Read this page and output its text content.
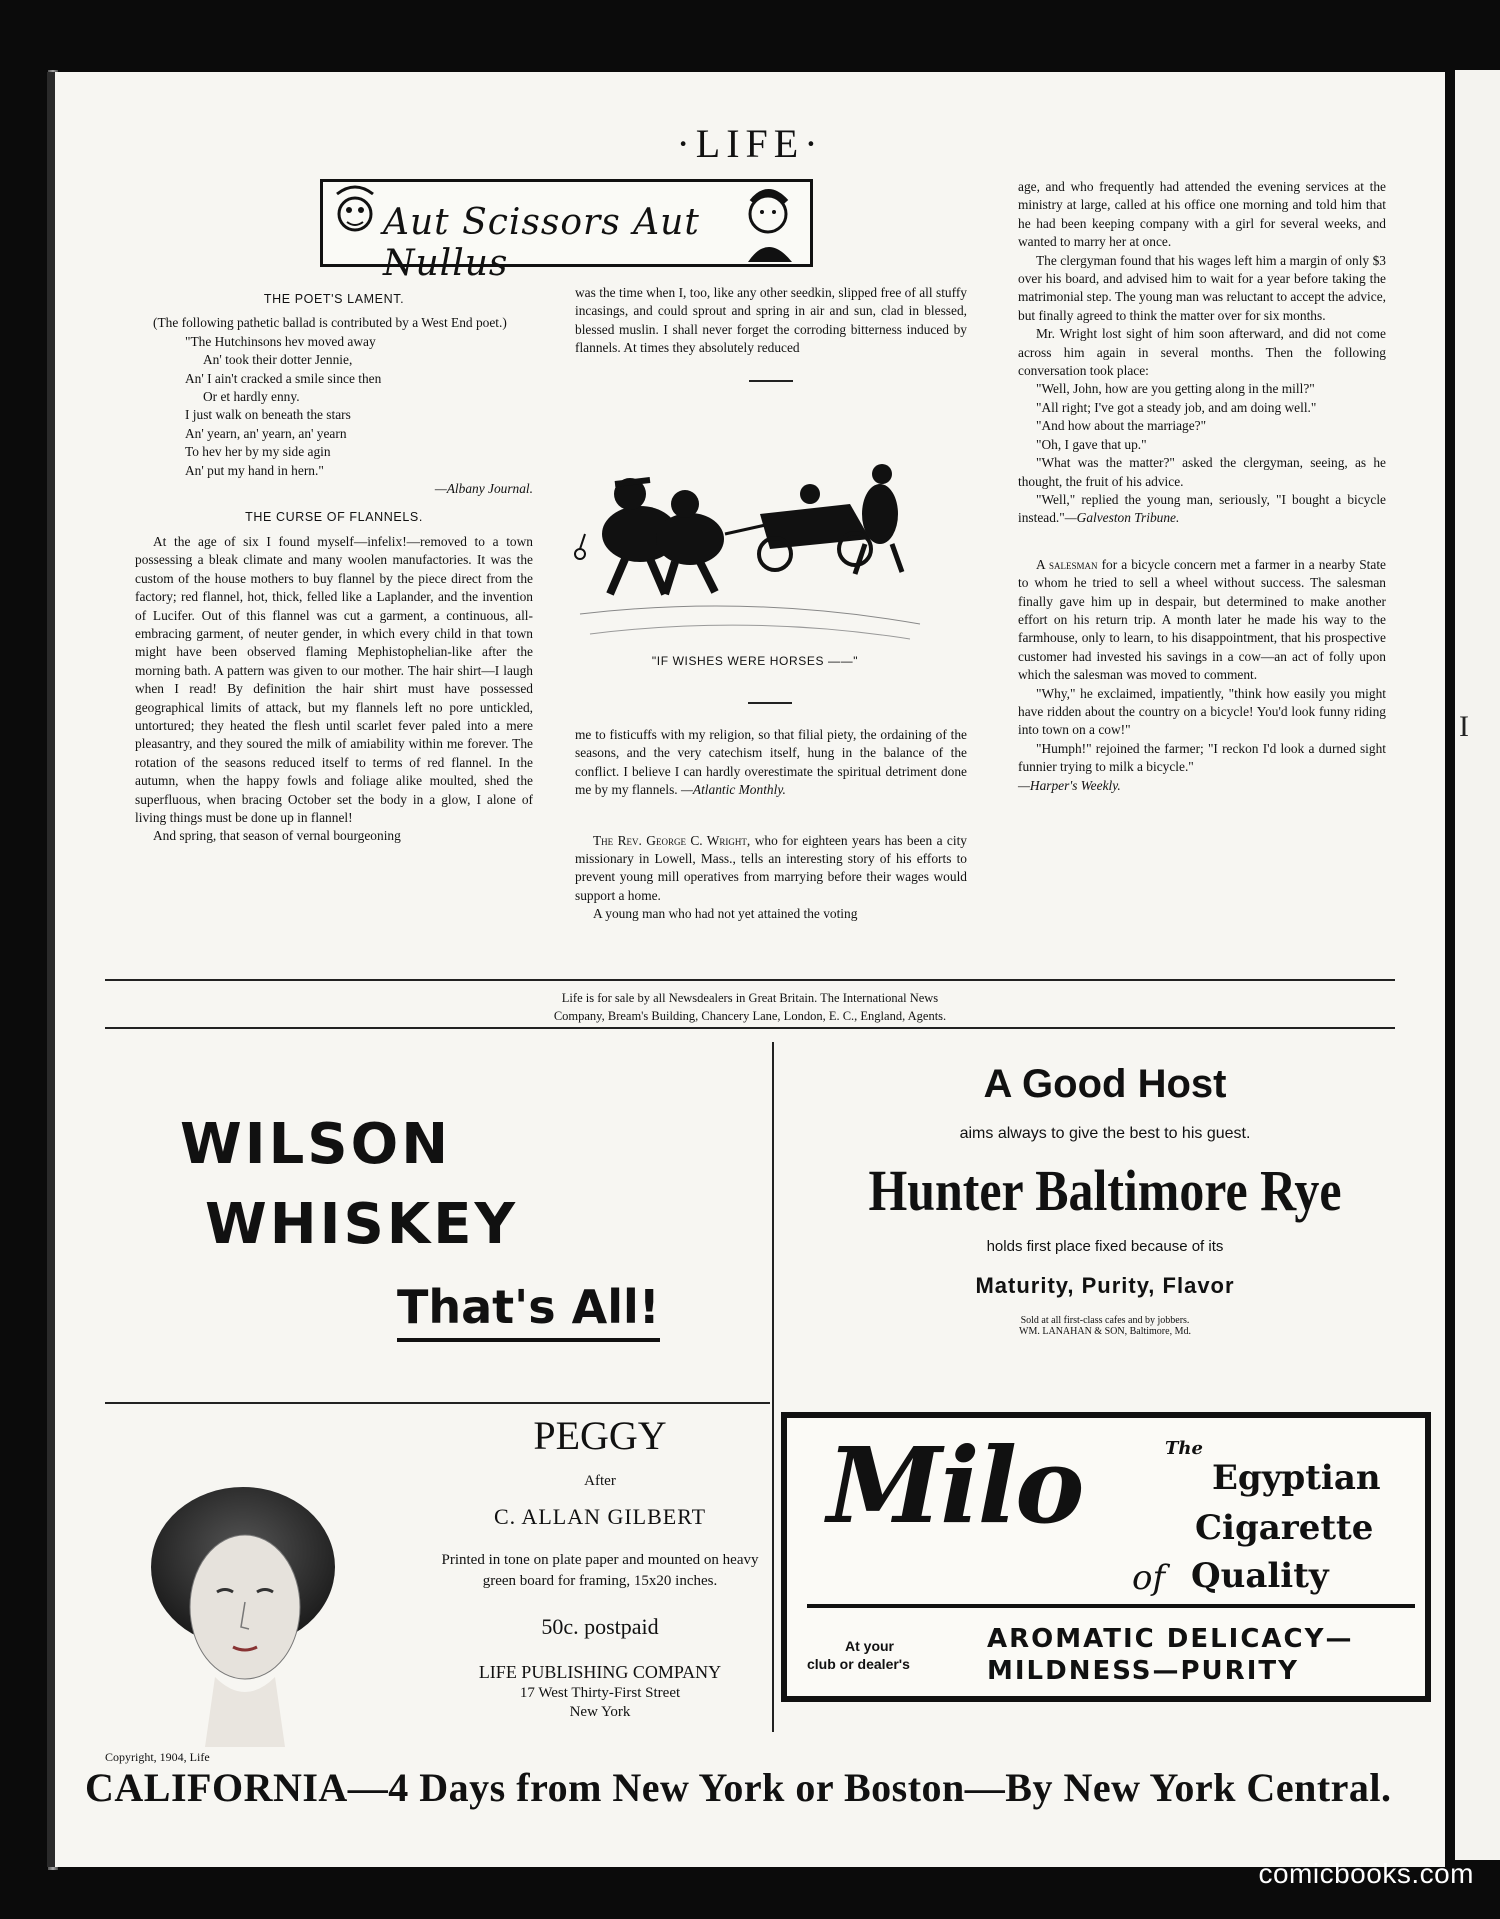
I
·LIFE·
Aut Scissors Aut Nullus
THE POET'S LAMENT.

(The following pathetic ballad is contributed by a West End poet.)

"The Hutchinsons hev moved away
An' took their dotter Jennie,
An' I ain't cracked a smile since then
Or et hardly enny.
I just walk on beneath the stars
An' yearn, an' yearn, an' yearn
To hev her by my side agin
An' put my hand in hern."
—Albany Journal.
THE CURSE OF FLANNELS.

At the age of six I found myself—infelix!—removed to a town possessing a bleak climate and many woolen manufactories. It was the custom of the house mothers to buy flannel by the piece direct from the factory; red flannel, hot, thick, felled like a Laplander, and the invention of Lucifer. Out of this flannel was cut a garment, a continuous, all-embracing garment, of neuter gender, in which every child in that town might have been observed flaming Mephistophelian-like after the morning bath. A pattern was given to our mother. The hair shirt—I laugh when I read! By definition the hair shirt must have possessed geographical limits of attack, but my flannels left no pore untickled, untortured; they heated the flesh until scarlet fever paled into a mere pleasantry, and they soured the milk of amiability within me forever. The rotation of the seasons reduced itself to terms of red flannel. In the autumn, when the happy fowls and foliage alike moulted, shed the superfluous, when bracing October set the body in a glow, I alone of living things must be done up in flannel!

And spring, that season of vernal bourgeoning

was the time when I, too, like any other seedkin, slipped free of all stuffy incasings, and could sprout and spring in air and sun, clad in blessed, blessed muslin. I shall never forget the corroding bitterness induced by flannels. At times they absolutely reduced

"IF WISHES WERE HORSES ——"

me to fisticuffs with my religion, so that filial piety, the ordaining of the seasons, and the very catechism itself, hung in the balance of the conflict. I believe I can hardly overestimate the spiritual detriment done me by my flannels. —Atlantic Monthly.

The Rev. George C. Wright, who for eighteen years has been a city missionary in Lowell, Mass., tells an interesting story of his efforts to prevent young mill operatives from marrying before their wages would support a home.

A young man who had not yet attained the voting

age, and who frequently had attended the evening services at the ministry at large, called at his office one morning and told him that he had been keeping company with a girl for several weeks, and wanted to marry her at once.

The clergyman found that his wages left him a margin of only $3 over his board, and advised him to wait for a year before taking the matrimonial step. The young man was reluctant to accept the advice, but finally agreed to think the matter over for six months.

Mr. Wright lost sight of him soon afterward, and did not come across him again in several months. Then the following conversation took place:

"Well, John, how are you getting along in the mill?"

"All right; I've got a steady job, and am doing well."

"And how about the marriage?"

"Oh, I gave that up."

"What was the matter?" asked the clergyman, seeing, as he thought, the fruit of his advice.

"Well," replied the young man, seriously, "I bought a bicycle instead."—Galveston Tribune.

A salesman for a bicycle concern met a farmer in a nearby State to whom he tried to sell a wheel without success. The salesman finally gave him up in despair, but determined to make another effort on his return trip. A month later he made his way to the farmhouse, only to learn, to his disappointment, that his prospective customer had invested his savings in a cow—an act of folly upon which the salesman was moved to comment.

"Why," he exclaimed, impatiently, "think how easily you might have ridden about the country on a bicycle! You'd look funny riding into town on a cow!"

"Humph!" rejoined the farmer; "I reckon I'd look a durned sight funnier trying to milk a bicycle."

—Harper's Weekly.

Life is for sale by all Newsdealers in Great Britain. The International News
Company, Bream's Building, Chancery Lane, London, E. C., England, Agents.
WILSON
WHISKEY
That's All!
A Good Host
aims always to give the best to his guest.
Hunter Baltimore Rye
holds first place fixed because of its
Maturity, Purity, Flavor
Sold at all first-class cafes and by jobbers.
WM. LANAHAN & SON, Baltimore, Md.
PEGGY
After
C. ALLAN GILBERT
Printed in tone on plate paper and mounted on heavy green board for framing, 15x20 inches.
50c. postpaid
LIFE PUBLISHING COMPANY
17 West Thirty-First Street
New York
Copyright, 1904, Life
Milo	The
Egyptian
Cigarette
of Quality
At your
club or dealer's
AROMATIC DELICACY—
MILDNESS—PURITY
CALIFORNIA—4 Days from New York or Boston—By New York Central.
comicbooks.com
